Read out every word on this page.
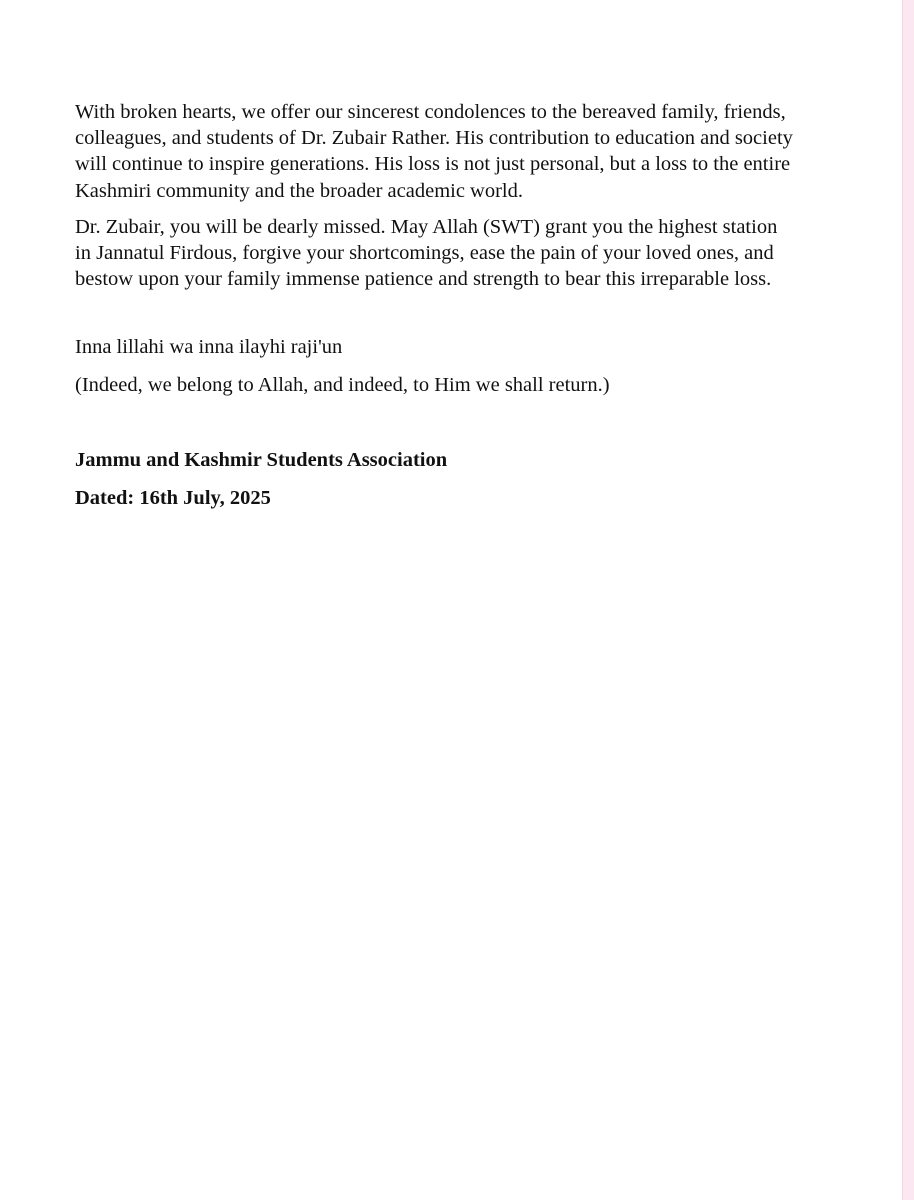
With broken hearts, we offer our sincerest condolences to the bereaved family, friends, colleagues, and students of Dr. Zubair Rather. His contribution to education and society will continue to inspire generations. His loss is not just personal, but a loss to the entire Kashmiri community and the broader academic world.

Dr. Zubair, you will be dearly missed. May Allah (SWT) grant you the highest station in Jannatul Firdous, forgive your shortcomings, ease the pain of your loved ones, and bestow upon your family immense patience and strength to bear this irreparable loss.

Inna lillahi wa inna ilayhi raji'un

(Indeed, we belong to Allah, and indeed, to Him we shall return.)

Jammu and Kashmir Students Association

Dated: 16th July, 2025
